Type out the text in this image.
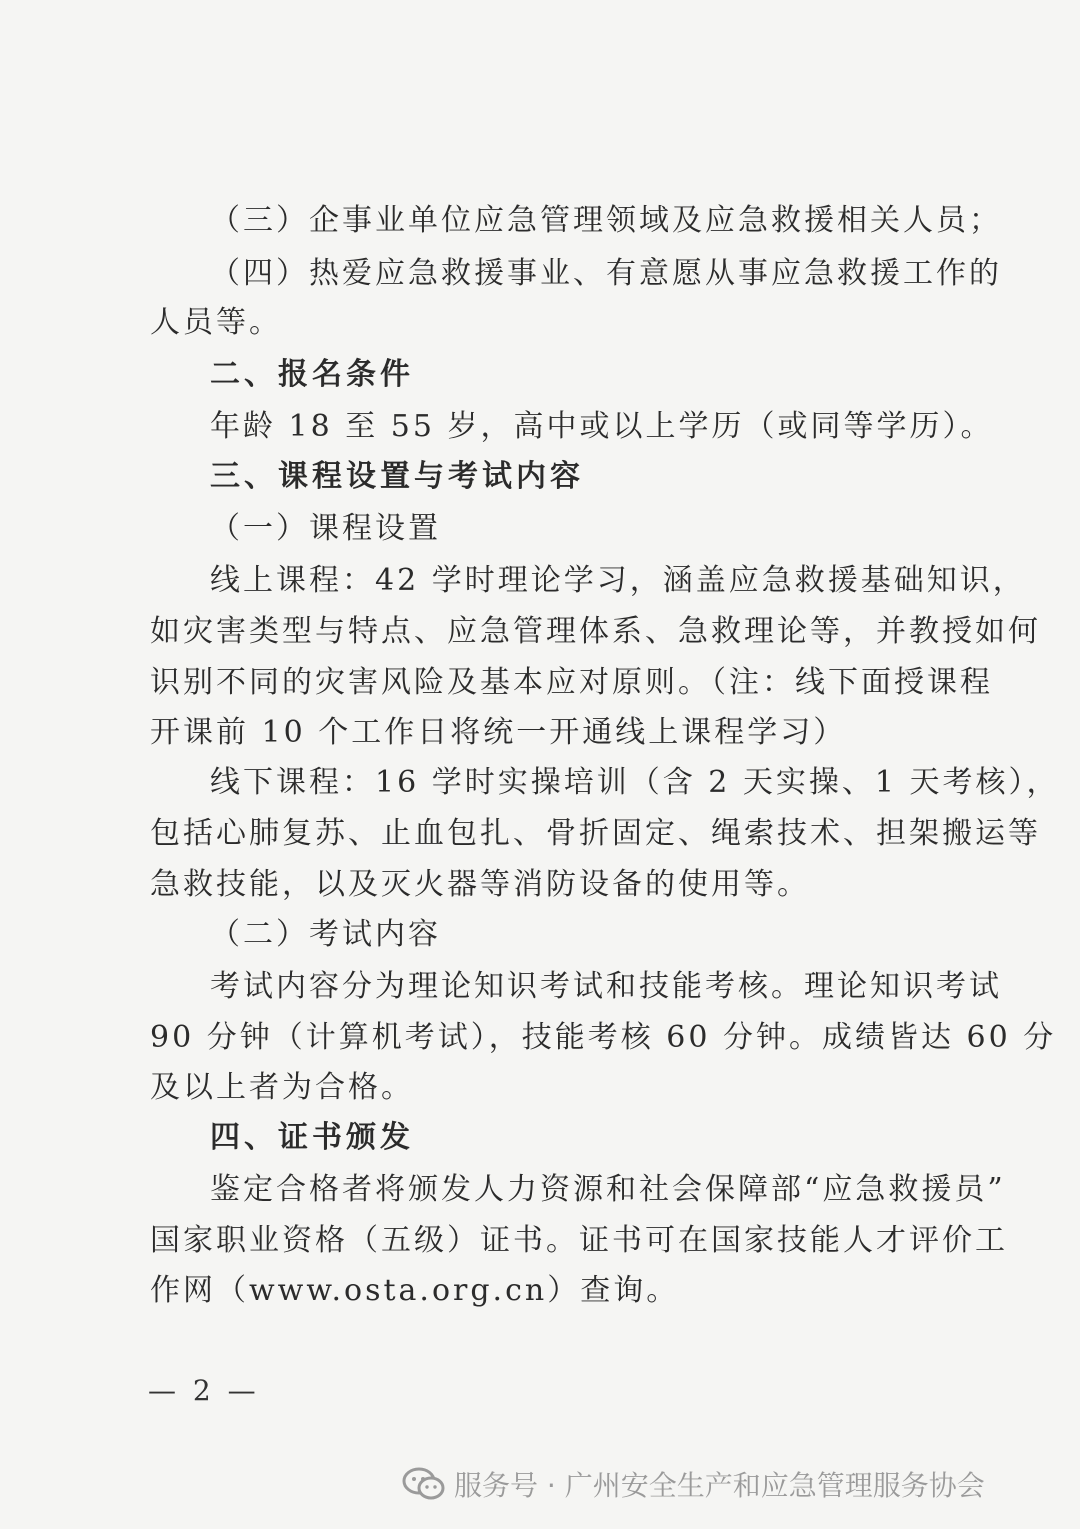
（三）企事业单位应急管理领域及应急救援相关人员；
（四）热爱应急救援事业、有意愿从事应急救援工作的
人员等。
二、报名条件
年龄 18 至 55 岁，高中或以上学历（或同等学历）。
三、课程设置与考试内容
（一）课程设置
线上课程：42 学时理论学习，涵盖应急救援基础知识，
如灾害类型与特点、应急管理体系、急救理论等，并教授如何
识别不同的灾害风险及基本应对原则。（注：线下面授课程
开课前 10 个工作日将统一开通线上课程学习）
线下课程：16 学时实操培训（含 2 天实操、1 天考核），
包括心肺复苏、止血包扎、骨折固定、绳索技术、担架搬运等
急救技能，以及灭火器等消防设备的使用等。
（二）考试内容
考试内容分为理论知识考试和技能考核。理论知识考试
90 分钟（计算机考试），技能考核 60 分钟。成绩皆达 60 分
及以上者为合格。
四、证书颁发
鉴定合格者将颁发人力资源和社会保障部“应急救援员”
国家职业资格（五级）证书。证书可在国家技能人才评价工
作网（www.osta.org.cn）查询。
— 2 —
服务号 · 广州安全生产和应急管理服务协会
